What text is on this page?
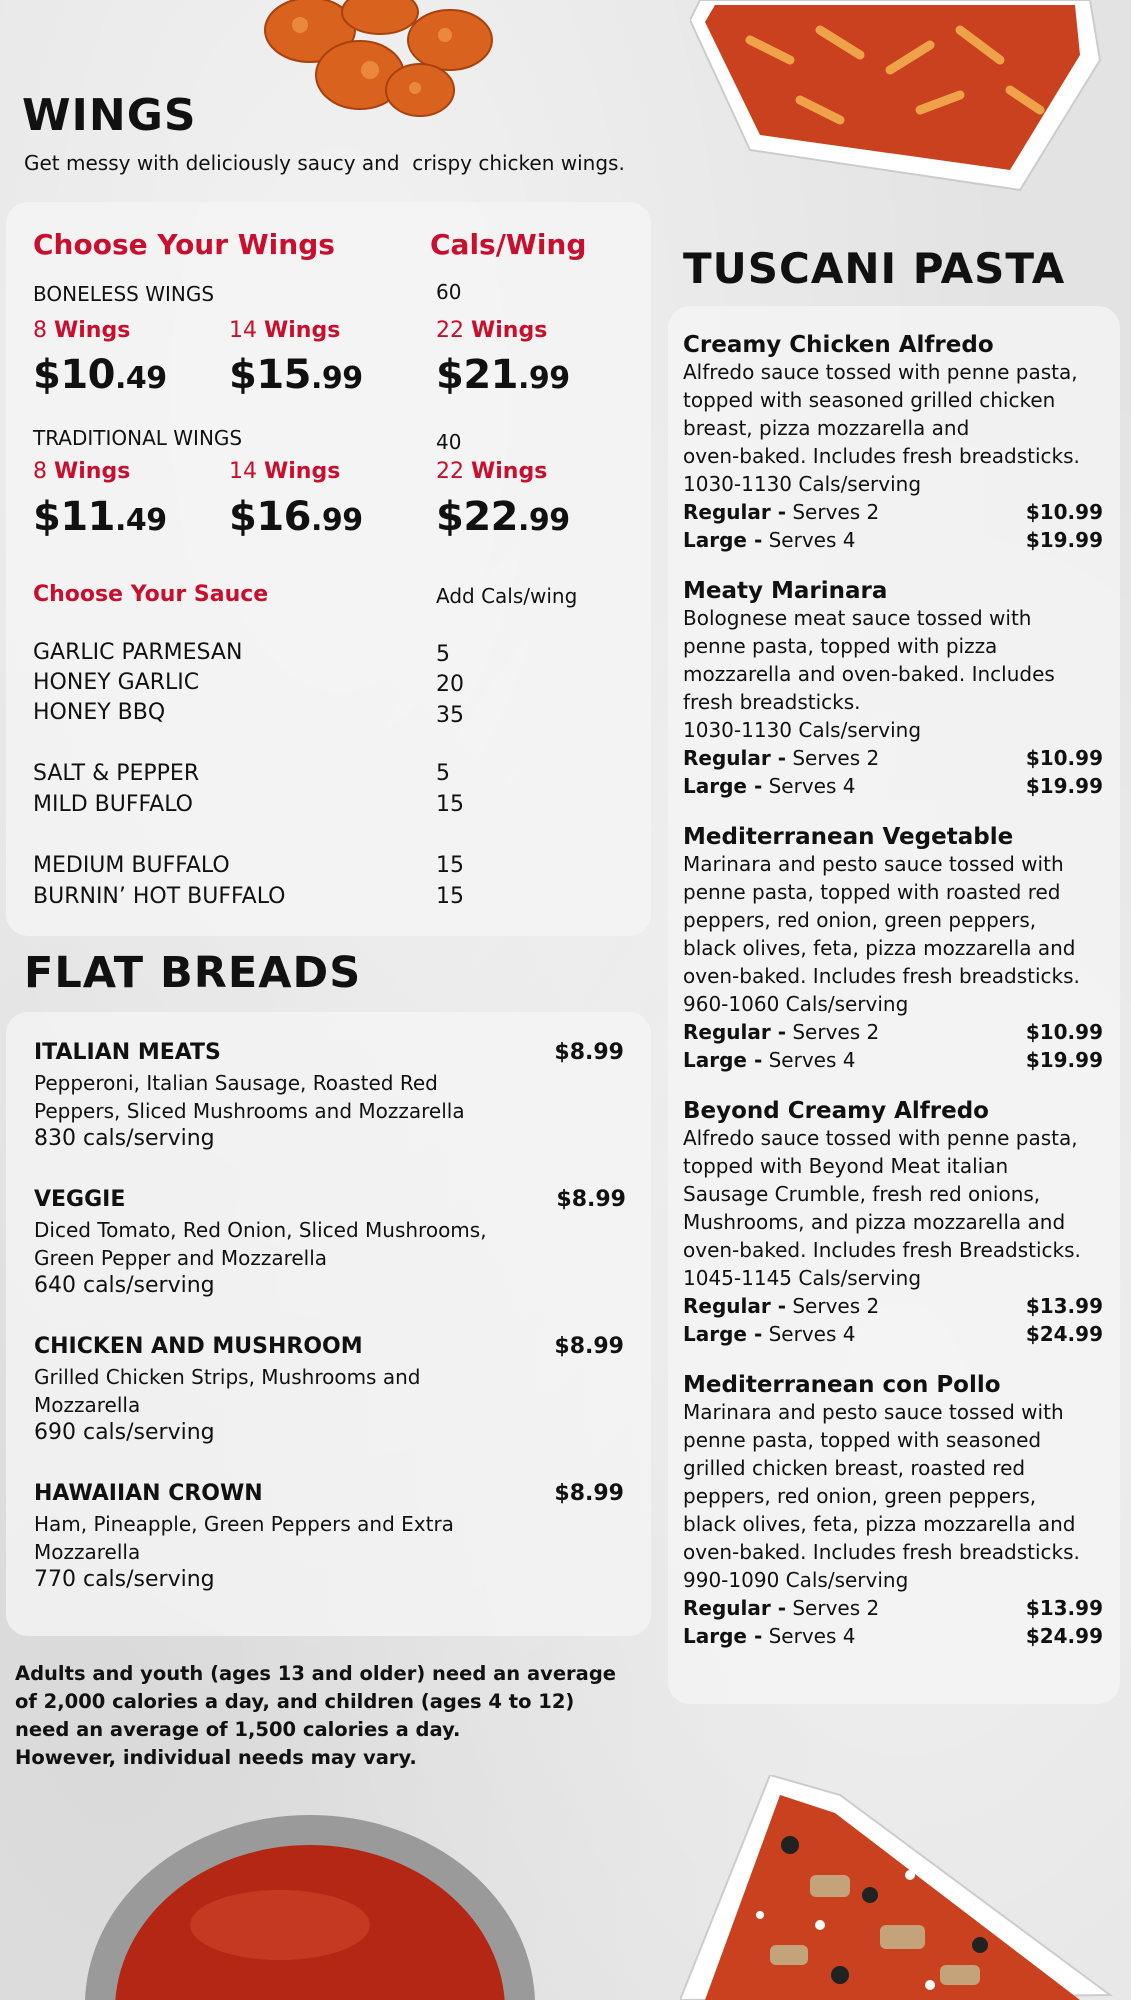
WINGS
Get messy with deliciously saucy and  crispy chicken wings.
Choose Your Wings	Cals/Wing
BONELESS WINGS	60
8 Wings	14 Wings	22 Wings
$10.49 $15.99 $21.99
TRADITIONAL WINGS	40
8 Wings	14 Wings	22 Wings
$11.49 $16.99 $22.99
Choose Your Sauce	Add Cals/wing
GARLIC PARMESAN	5
HONEY GARLIC	20
HONEY BBQ	35
SALT & PEPPER	5
MILD BUFFALO	15
MEDIUM BUFFALO	15
BURNIN’ HOT BUFFALO	15
FLAT BREADS
ITALIAN MEATS	$8.99
Pepperoni, Italian Sausage, Roasted Red
Peppers, Sliced Mushrooms and Mozzarella
830 cals/serving
VEGGIE	$8.99
Diced Tomato, Red Onion, Sliced Mushrooms,
Green Pepper and Mozzarella
640 cals/serving
CHICKEN AND MUSHROOM	$8.99
Grilled Chicken Strips, Mushrooms and
Mozzarella
690 cals/serving
HAWAIIAN CROWN	$8.99
Ham, Pineapple, Green Peppers and Extra
Mozzarella
770 cals/serving
Adults and youth (ages 13 and older) need an average
of 2,000 calories a day, and children (ages 4 to 12)
need an average of 1,500 calories a day.
However, individual needs may vary.
TUSCANI PASTA
Creamy Chicken Alfredo
Alfredo sauce tossed with penne pasta,
topped with seasoned grilled chicken
breast, pizza mozzarella and
oven-baked. Includes fresh breadsticks.
1030-1130 Cals/serving
Regular - Serves 2	$10.99
Large - Serves 4	$19.99
Meaty Marinara
Bolognese meat sauce tossed with
penne pasta, topped with pizza
mozzarella and oven-baked. Includes
fresh breadsticks.
1030-1130 Cals/serving
Regular - Serves 2	$10.99
Large - Serves 4	$19.99
Mediterranean Vegetable
Marinara and pesto sauce tossed with
penne pasta, topped with roasted red
peppers, red onion, green peppers,
black olives, feta, pizza mozzarella and
oven-baked. Includes fresh breadsticks.
960-1060 Cals/serving
Regular - Serves 2	$10.99
Large - Serves 4	$19.99
Beyond Creamy Alfredo
Alfredo sauce tossed with penne pasta,
topped with Beyond Meat italian
Sausage Crumble, fresh red onions,
Mushrooms, and pizza mozzarella and
oven-baked. Includes fresh Breadsticks.
1045-1145 Cals/serving
Regular - Serves 2	$13.99
Large - Serves 4	$24.99
Mediterranean con Pollo
Marinara and pesto sauce tossed with
penne pasta, topped with seasoned
grilled chicken breast, roasted red
peppers, red onion, green peppers,
black olives, feta, pizza mozzarella and
oven-baked. Includes fresh breadsticks.
990-1090 Cals/serving
Regular - Serves 2	$13.99
Large - Serves 4	$24.99
